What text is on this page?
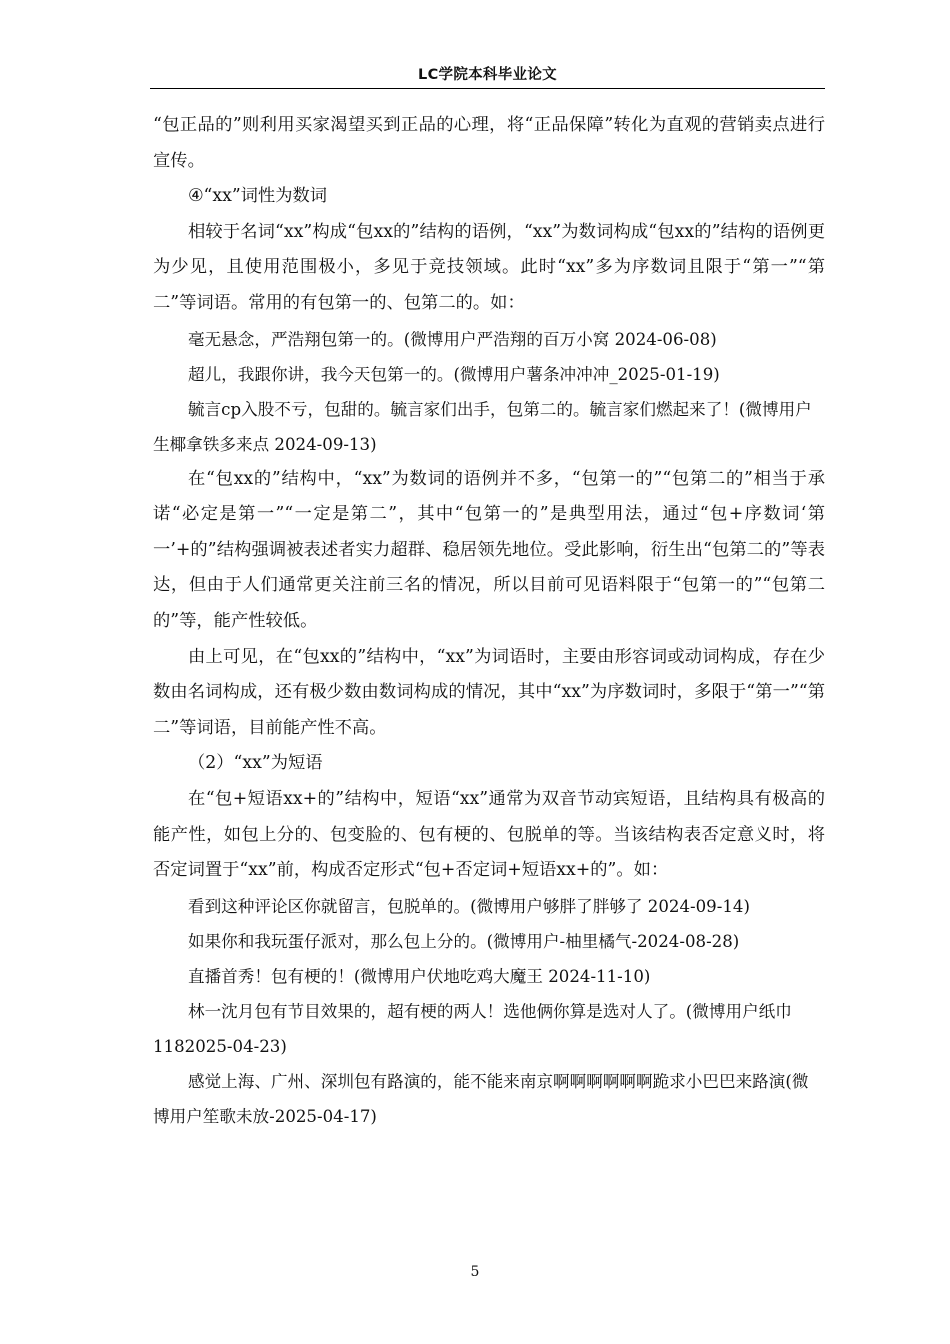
LC学院本科毕业论文

“包正品的”则利用买家渴望买到正品的心理，将“正品保障”转化为直观的营销卖点进行宣传。

④“xx”词性为数词

相较于名词“xx”构成“包xx的”结构的语例，“xx”为数词构成“包xx的”结构的语例更为少见，且使用范围极小，多见于竞技领域。此时“xx”多为序数词且限于“第一”“第二”等词语。常用的有包第一的、包第二的。如：

毫无悬念，严浩翔包第一的。(微博用户严浩翔的百万小窝 2024-06-08)

超儿，我跟你讲，我今天包第一的。(微博用户薯条冲冲冲_2025-01-19)

毓言cp入股不亏，包甜的。毓言家们出手，包第二的。毓言家们燃起来了！(微博用户生椰拿铁多来点 2024-09-13)

在“包xx的”结构中，“xx”为数词的语例并不多，“包第一的”“包第二的”相当于承诺“必定是第一”“一定是第二”，其中“包第一的”是典型用法，通过“包+序数词‘第一’+的”结构强调被表述者实力超群、稳居领先地位。受此影响，衍生出“包第二的”等表达，但由于人们通常更关注前三名的情况，所以目前可见语料限于“包第一的”“包第二的”等，能产性较低。

由上可见，在“包xx的”结构中，“xx”为词语时，主要由形容词或动词构成，存在少数由名词构成，还有极少数由数词构成的情况，其中“xx”为序数词时，多限于“第一”“第二”等词语，目前能产性不高。

（2）“xx”为短语

在“包+短语xx+的”结构中，短语“xx”通常为双音节动宾短语，且结构具有极高的能产性，如包上分的、包变脸的、包有梗的、包脱单的等。当该结构表否定意义时，将否定词置于“xx”前，构成否定形式“包+否定词+短语xx+的”。如：

看到这种评论区你就留言，包脱单的。(微博用户够胖了胖够了 2024-09-14)

如果你和我玩蛋仔派对，那么包上分的。(微博用户-柚里橘气-2024-08-28)

直播首秀！包有梗的！(微博用户伏地吃鸡大魔王 2024-11-10)

林一沈月包有节目效果的，超有梗的两人！选他俩你算是选对人了。(微博用户纸巾 1182025-04-23)

感觉上海、广州、深圳包有路演的，能不能来南京啊啊啊啊啊啊跪求小巴巴来路演(微博用户笙歌未放-2025-04-17)

5
